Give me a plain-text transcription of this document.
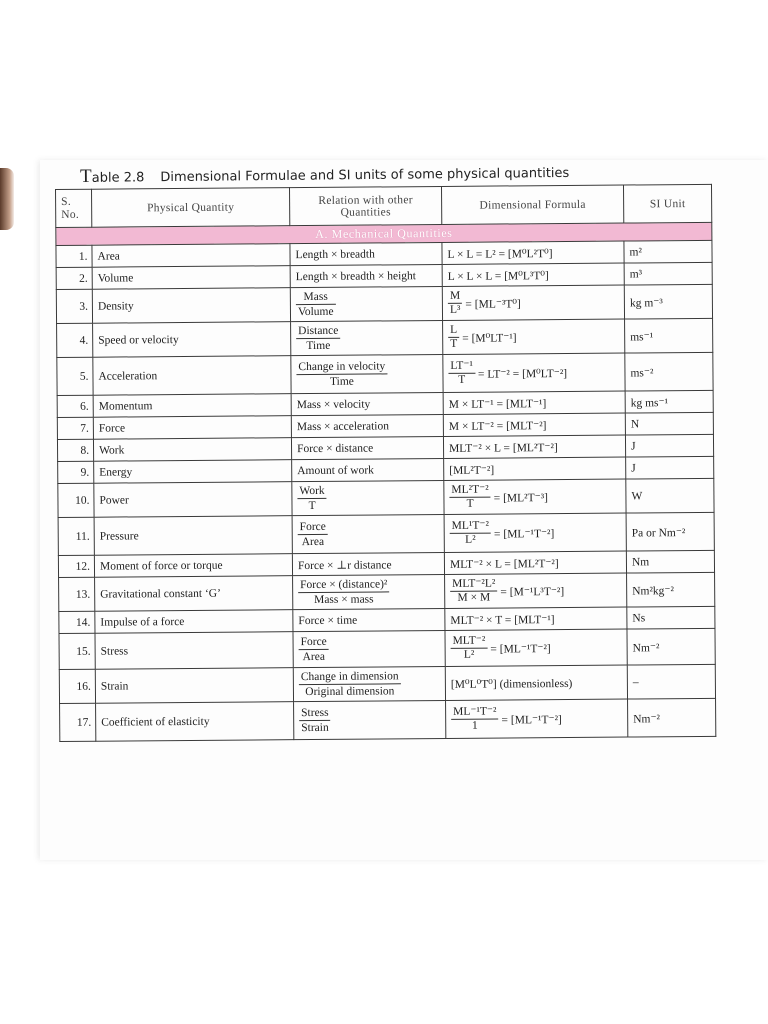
Table 2.8 Dimensional Formulae and SI units of some physical quantities
S. No.	Physical Quantity	Relation with other Quantities	Dimensional Formula	SI Unit
A. Mechanical Quantities				
1.	Area	Length × breadth	L × L = L² = [M⁰L²T⁰]	m²
2.	Volume	Length × breadth × height	L × L × L = [M⁰L³T⁰]	m³
3.	Density	$\frac{\text{Mass}}{\text{Volume}}$	$\frac{M}{\text{L³}} = [ML^{-3}T^0]$	kg m⁻³
4.	Speed or velocity	$\frac{\text{Distance}}{\text{Time}}$	$\frac{L}{T} = [M^0LT^{-1}]$	ms⁻¹
5.	Acceleration	$\frac{\text{Change in velocity}}{\text{Time}}$	$\frac{\text{LT⁻¹}}{T} = LT^{-2} = [M^0LT^{-2}]$	ms⁻²
6.	Momentum	Mass × velocity	M × LT⁻¹ = [MLT⁻¹]	kg ms⁻¹
7.	Force	Mass × acceleration	M × LT⁻² = [MLT⁻²]	N
8.	Work	Force × distance	MLT⁻² × L = [ML²T⁻²]	J
9.	Energy	Amount of work	[ML²T⁻²]	J
10.	Power	$\frac{\text{Work}}{T}$	$\frac{\text{ML²T⁻²}}{T} = [ML^2T^{-3}]$	W
11.	Pressure	$\frac{\text{Force}}{\text{Area}}$	$\frac{\text{ML¹T⁻²}}{\text{L²}} = [ML^{-1}T^{-2}]$	Pa or Nm⁻²
12.	Moment of force or torque	Force × ⊥r distance	MLT⁻² × L = [ML²T⁻²]	Nm
13.	Gravitational constant ‘G’	$\frac{\text{Force × (distance)²}}{\text{Mass × mass}}$	$\frac{\text{MLT⁻²L²}}{M \times M} = [M^{-1}L^3T^{-2}]$	Nm²kg⁻²
14.	Impulse of a force	Force × time	MLT⁻² × T = [MLT⁻¹]	Ns
15.	Stress	$\frac{\text{Force}}{\text{Area}}$	$\frac{\text{MLT⁻²}}{\text{L²}} = [ML^{-1}T^{-2}]$	Nm⁻²
16.	Strain	$\frac{\text{Change in dimension}}{\text{Original dimension}}$	[M⁰L⁰T⁰] (dimensionless)	–
17.	Coefficient of elasticity	$\frac{\text{Stress}}{\text{Strain}}$	$\frac{\text{ML⁻¹T⁻²}}{1} = [ML^{-1}T^{-2}]$	Nm⁻²
